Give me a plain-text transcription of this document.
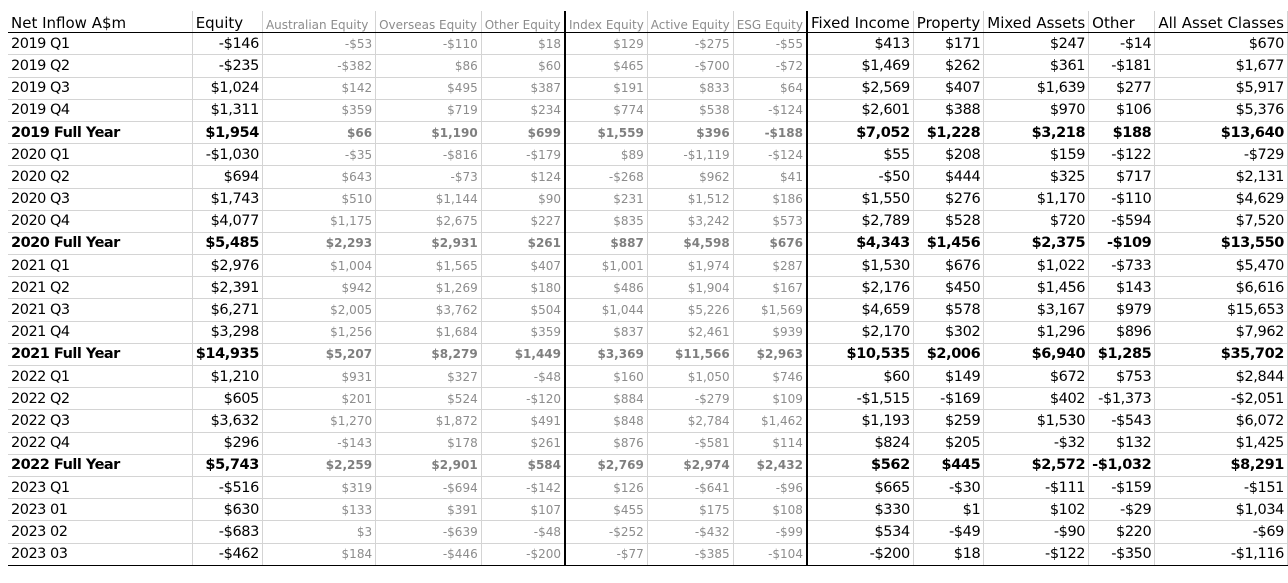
Net Inflow A$m	Equity	Australian Equity	Overseas Equity	Other Equity	Index Equity	Active Equity	ESG Equity	Fixed Income	Property	Mixed Assets	Other	All Asset Classes
2019 Q1	-$146	-$53	-$110	$18	$129	-$275	-$55	$413	$171	$247	-$14	$670
2019 Q2	-$235	-$382	$86	$60	$465	-$700	-$72	$1,469	$262	$361	-$181	$1,677
2019 Q3	$1,024	$142	$495	$387	$191	$833	$64	$2,569	$407	$1,639	$277	$5,917
2019 Q4	$1,311	$359	$719	$234	$774	$538	-$124	$2,601	$388	$970	$106	$5,376
2019 Full Year	$1,954	$66	$1,190	$699	$1,559	$396	-$188	$7,052	$1,228	$3,218	$188	$13,640
2020 Q1	-$1,030	-$35	-$816	-$179	$89	-$1,119	-$124	$55	$208	$159	-$122	-$729
2020 Q2	$694	$643	-$73	$124	-$268	$962	$41	-$50	$444	$325	$717	$2,131
2020 Q3	$1,743	$510	$1,144	$90	$231	$1,512	$186	$1,550	$276	$1,170	-$110	$4,629
2020 Q4	$4,077	$1,175	$2,675	$227	$835	$3,242	$573	$2,789	$528	$720	-$594	$7,520
2020 Full Year	$5,485	$2,293	$2,931	$261	$887	$4,598	$676	$4,343	$1,456	$2,375	-$109	$13,550
2021 Q1	$2,976	$1,004	$1,565	$407	$1,001	$1,974	$287	$1,530	$676	$1,022	-$733	$5,470
2021 Q2	$2,391	$942	$1,269	$180	$486	$1,904	$167	$2,176	$450	$1,456	$143	$6,616
2021 Q3	$6,271	$2,005	$3,762	$504	$1,044	$5,226	$1,569	$4,659	$578	$3,167	$979	$15,653
2021 Q4	$3,298	$1,256	$1,684	$359	$837	$2,461	$939	$2,170	$302	$1,296	$896	$7,962
2021 Full Year	$14,935	$5,207	$8,279	$1,449	$3,369	$11,566	$2,963	$10,535	$2,006	$6,940	$1,285	$35,702
2022 Q1	$1,210	$931	$327	-$48	$160	$1,050	$746	$60	$149	$672	$753	$2,844
2022 Q2	$605	$201	$524	-$120	$884	-$279	$109	-$1,515	-$169	$402	-$1,373	-$2,051
2022 Q3	$3,632	$1,270	$1,872	$491	$848	$2,784	$1,462	$1,193	$259	$1,530	-$543	$6,072
2022 Q4	$296	-$143	$178	$261	$876	-$581	$114	$824	$205	-$32	$132	$1,425
2022 Full Year	$5,743	$2,259	$2,901	$584	$2,769	$2,974	$2,432	$562	$445	$2,572	-$1,032	$8,291
2023 Q1	-$516	$319	-$694	-$142	$126	-$641	-$96	$665	-$30	-$111	-$159	-$151
2023 01	$630	$133	$391	$107	$455	$175	$108	$330	$1	$102	-$29	$1,034
2023 02	-$683	$3	-$639	-$48	-$252	-$432	-$99	$534	-$49	-$90	$220	-$69
2023 03	-$462	$184	-$446	-$200	-$77	-$385	-$104	-$200	$18	-$122	-$350	-$1,116
